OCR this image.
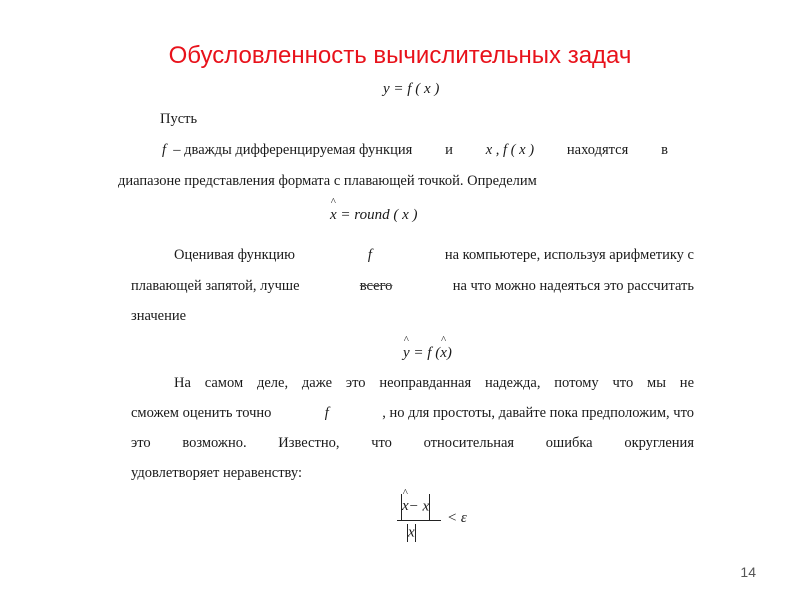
Обусловленность вычислительных задач
y = f ( x )
Пусть
f – дважды дифференцируемая функция и x , f ( x ) находятся в
диапазоне представления формата с плавающей точкой. Определим
^ x = round ( x )
Оценивая функцию	f	на компьютере, используя арифметику с
плавающей запятой, лучше	всего	на что можно надеяться это рассчитать
значение
^ y = f (^ x)
На самом деле, даже это неоправданная надежда, потому что мы не
сможем оценить точно	f	, но для простоты, давайте пока предположим, что
это возможно. Известно, что относительная ошибка округления
удовлетворяет неравенству:
^ x− x
x
< ε
14
